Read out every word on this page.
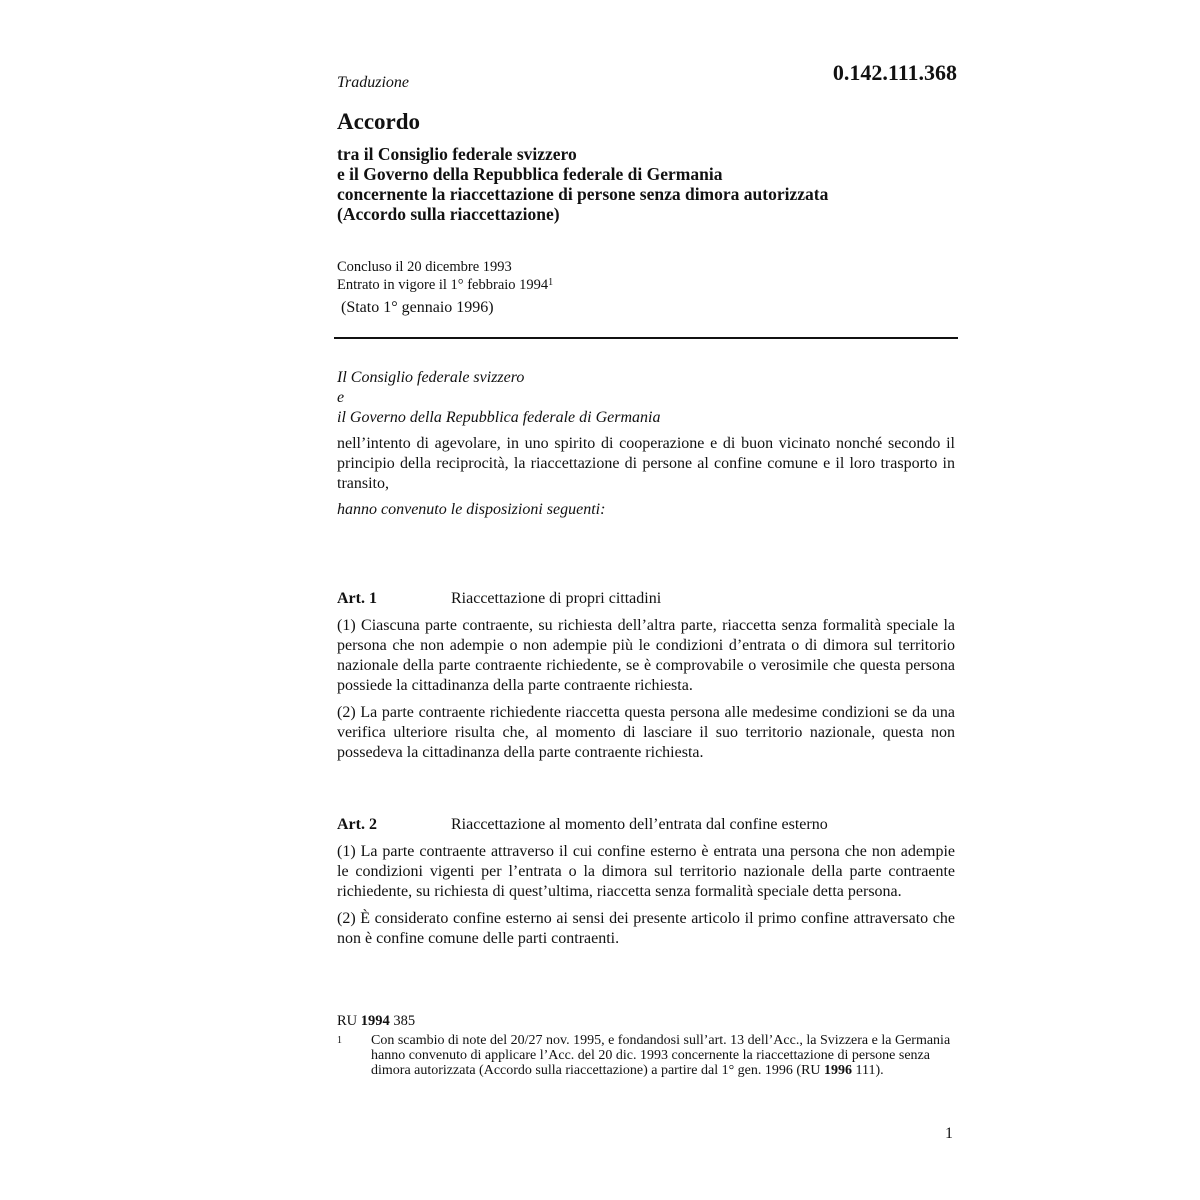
Traduzione	0.142.111.368
Accordo
tra il Consiglio federale svizzero
e il Governo della Repubblica federale di Germania
concernente la riaccettazione di persone senza dimora autorizzata
(Accordo sulla riaccettazione)
Concluso il 20 dicembre 1993
Entrato in vigore il 1° febbraio 1994$^1$
(Stato 1° gennaio 1996)
Il Consiglio federale svizzero
e
il Governo della Repubblica federale di Germania

nell’intento di agevolare, in uno spirito di cooperazione e di buon vicinato nonché secondo il principio della reciprocità, la riaccettazione di persone al confine comune e il loro trasporto in transito,

hanno convenuto le disposizioni seguenti:
Art. 1	Riaccettazione di propri cittadini

(1) Ciascuna parte contraente, su richiesta dell’altra parte, riaccetta senza formalità speciale la persona che non adempie o non adempie più le condizioni d’entrata o di dimora sul territorio nazionale della parte contraente richiedente, se è comprovabile o verosimile che questa persona possiede la cittadinanza della parte contraente richiesta.

(2) La parte contraente richiedente riaccetta questa persona alle medesime condizioni se da una verifica ulteriore risulta che, al momento di lasciare il suo territorio nazionale, questa non possedeva la cittadinanza della parte contraente richiesta.

Art. 2	Riaccettazione al momento dell’entrata dal confine esterno

(1) La parte contraente attraverso il cui confine esterno è entrata una persona che non adempie le condizioni vigenti per l’entrata o la dimora sul territorio nazionale della parte contraente richiedente, su richiesta di quest’ultima, riaccetta senza formalità speciale detta persona.

(2) È considerato confine esterno ai sensi dei presente articolo il primo confine attraversato che non è confine comune delle parti contraenti.

RU 1994 385
1	Con scambio di note del 20/27 nov. 1995, e fondandosi sull’art. 13 dell’Acc., la Svizzera e la Germania hanno convenuto di applicare l’Acc. del 20 dic. 1993 concernente la riaccettazione di persone senza dimora autorizzata (Accordo sulla riaccettazione) a partire dal 1° gen. 1996 (RU 1996 111).
1
